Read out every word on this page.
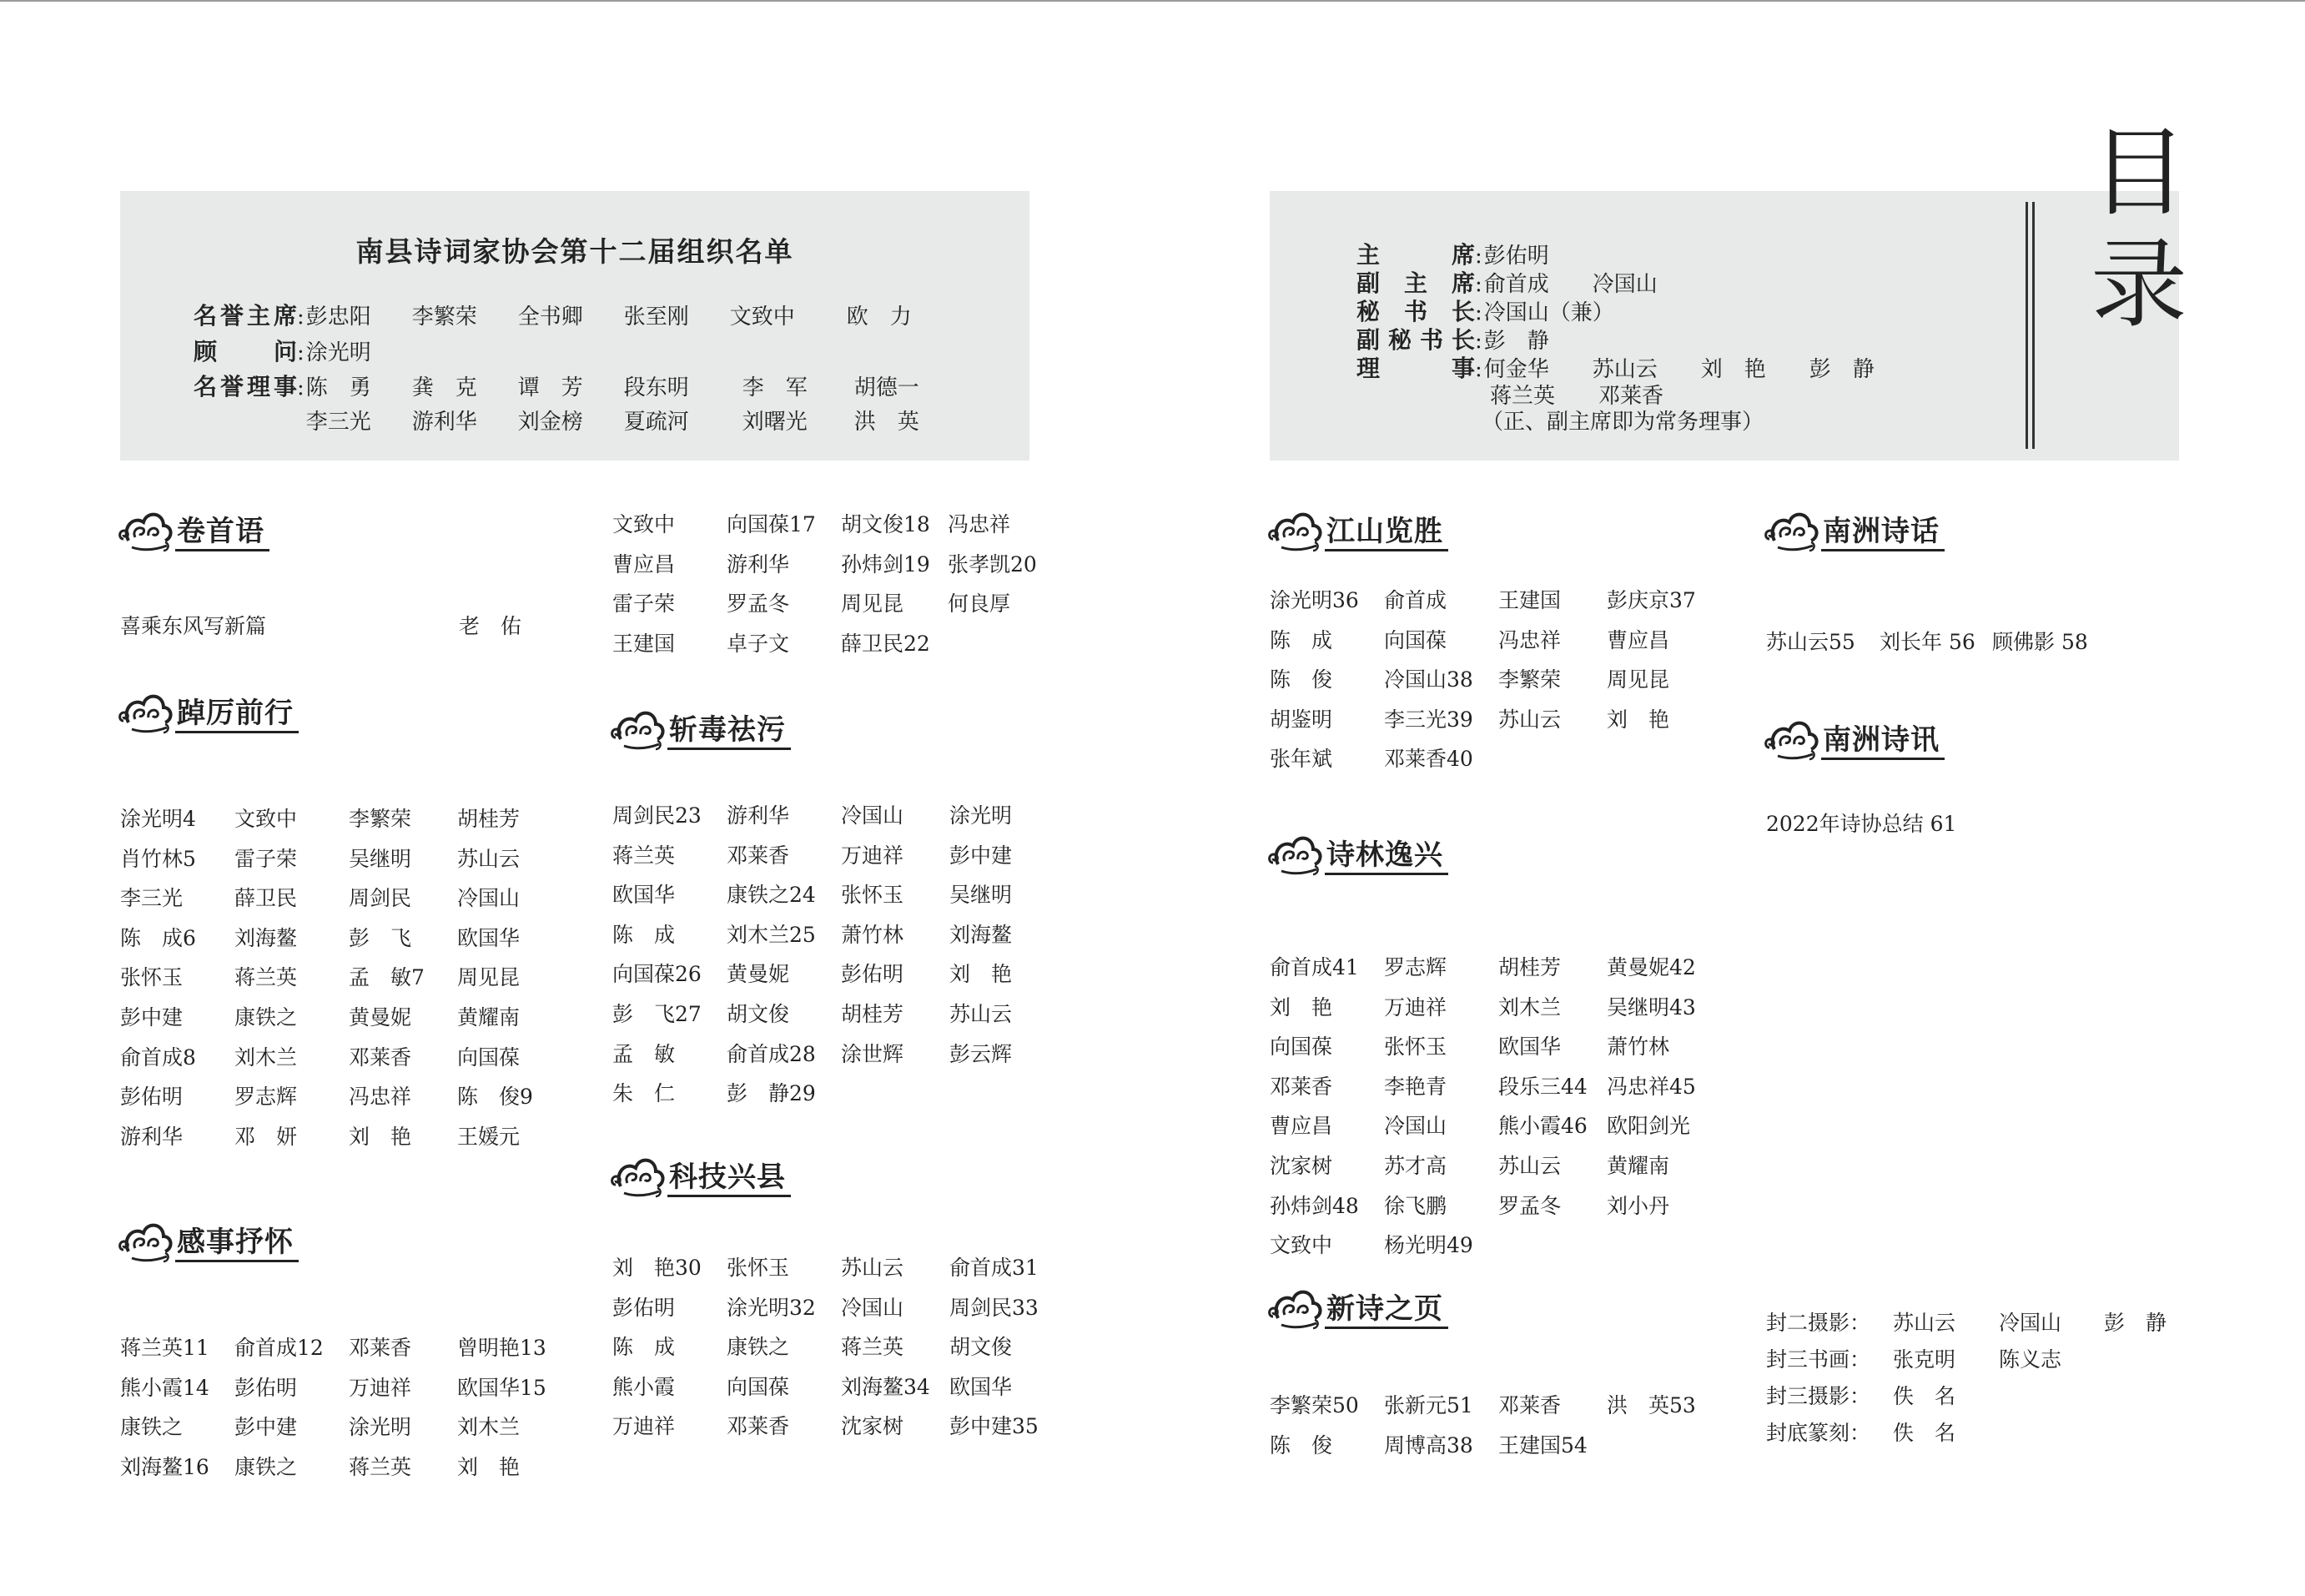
南县诗词家协会第十二届组织名单
名誉主席 : 彭忠阳	李繁荣	全书卿	张至刚	文致中	欧　力
顾问 : 涂光明
名誉理事 : 陈　勇	龚　克	谭　芳	段东明	李　军	胡德一
李三光	游利华	刘金榜	夏疏河	刘曙光	洪　英
主席 : 彭佑明
副主席 : 俞首成　　冷国山
秘书长 : 冷国山（兼）
副秘书长 : 彭　静
理事 : 何金华　　苏山云　　刘　艳　　彭　静
蒋兰英　　邓莱香
（正、副主席即为常务理事）
目
录
卷首语
喜乘东风写新篇	老　佑
踔厉前行
涂光明4	文致中	李繁荣	胡桂芳
肖竹林5	雷子荣	吴继明	苏山云
李三光	薛卫民	周剑民	冷国山
陈　成6	刘海鳌	彭　飞	欧国华
张怀玉	蒋兰英	孟　敏7	周见昆
彭中建	康铁之	黄曼妮	黄耀南
俞首成8	刘木兰	邓莱香	向国葆
彭佑明	罗志辉	冯忠祥	陈　俊9
游利华	邓　妍	刘　艳	王媛元
感事抒怀
蒋兰英11	俞首成12	邓莱香	曾明艳13
熊小霞14	彭佑明	万迪祥	欧国华15
康铁之	彭中建	涂光明	刘木兰
刘海鳌16	康铁之	蒋兰英	刘　艳
文致中	向国葆17	胡文俊18 冯忠祥
曹应昌	游利华	孙炜剑19 张孝凯20
雷子荣	罗孟冬	周见昆	何良厚
王建国	卓子文	薛卫民22
斩毒祛污
周剑民23	游利华	冷国山	涂光明
蒋兰英	邓莱香	万迪祥	彭中建
欧国华	康铁之24	张怀玉	吴继明
陈　成	刘木兰25	萧竹林	刘海鳌
向国葆26	黄曼妮	彭佑明	刘　艳
彭　飞27	胡文俊	胡桂芳	苏山云
孟　敏	俞首成28	涂世辉	彭云辉
朱　仁	彭　静29
科技兴县
刘　艳30	张怀玉	苏山云	俞首成31
彭佑明	涂光明32	冷国山	周剑民33
陈　成	康铁之	蒋兰英	胡文俊
熊小霞	向国葆	刘海鳌34 欧国华
万迪祥	邓莱香	沈家树	彭中建35
江山览胜
涂光明36	俞首成	王建国	彭庆京37
陈　成	向国葆	冯忠祥	曹应昌
陈　俊	冷国山38	李繁荣	周见昆
胡鉴明	李三光39	苏山云	刘　艳
张年斌	邓莱香40
诗林逸兴
俞首成41	罗志辉	胡桂芳	黄曼妮42
刘　艳	万迪祥	刘木兰	吴继明43
向国葆	张怀玉	欧国华	萧竹林
邓莱香	李艳青	段乐三44 冯忠祥45
曹应昌	冷国山	熊小霞46 欧阳剑光
沈家树	苏才高	苏山云	黄耀南
孙炜剑48	徐飞鹏	罗孟冬	刘小丹
文致中	杨光明49
新诗之页
李繁荣50	张新元51	邓莱香	洪　英53
陈　俊	周博高38	王建国54
南洲诗话
苏山云55	刘长年 56 顾佛影 58
南洲诗讯
2022年诗协总结 61
封二摄影：	苏山云	冷国山	彭　静
封三书画：	张克明	陈义志
封三摄影：	佚　名
封底篆刻：	佚　名
